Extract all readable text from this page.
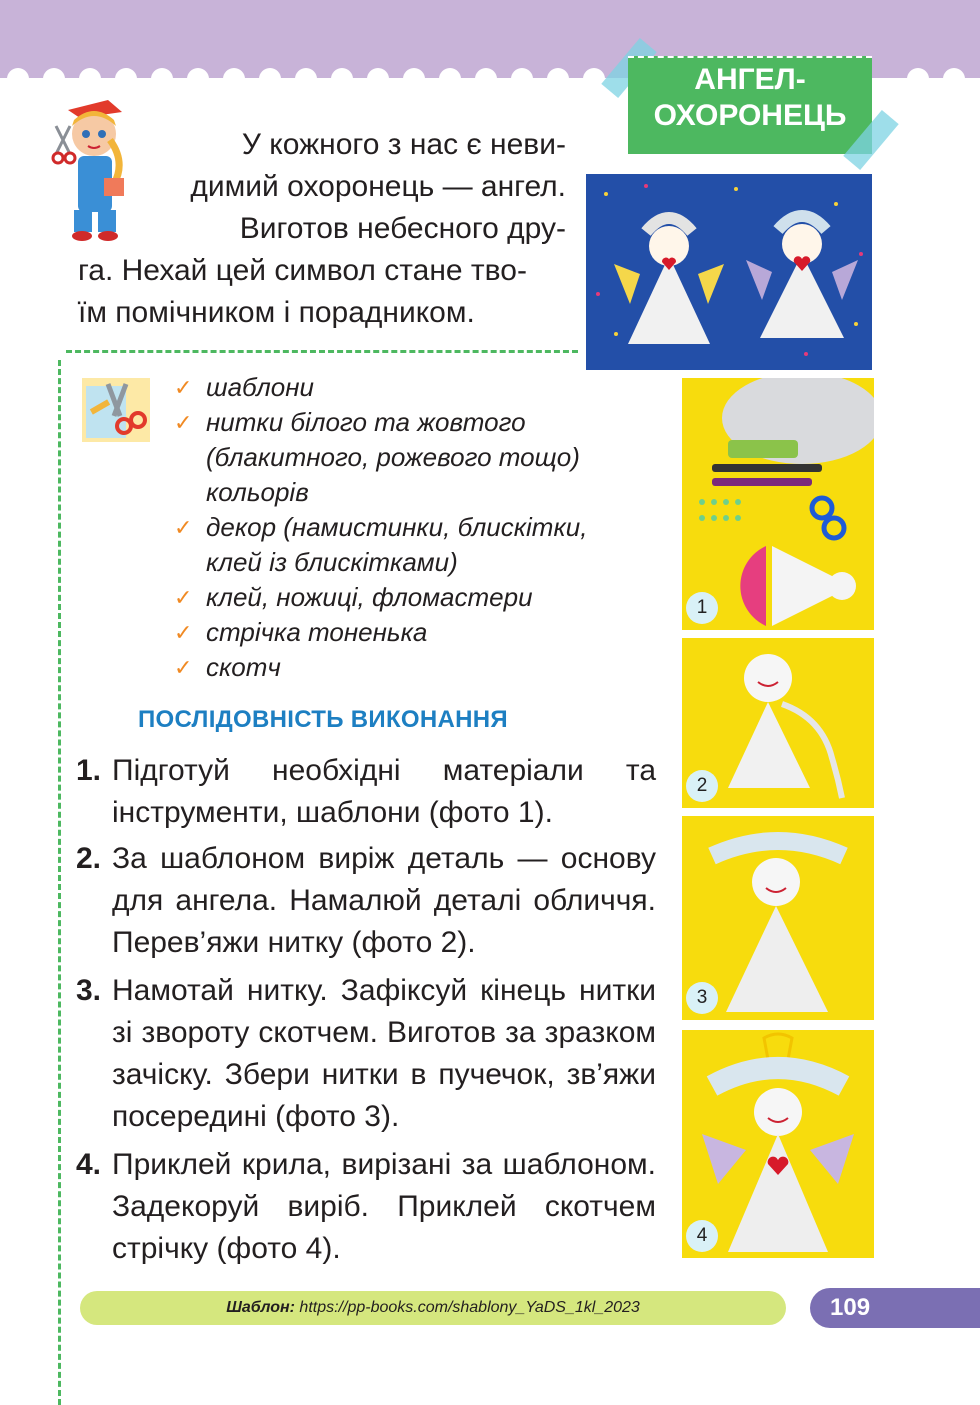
АНГЕЛ-
ОХОРОНЕЦЬ
У кожного з нас є неви-
димий охоронець — ангел.
Виготов небесного дру-
га. Нехай цей символ стане тво-
їм помічником і порадником.
✓ шаблони
✓ нитки білого та жовтого (блакитного, рожевого тощо) кольорів
✓ декор (намистинки, блискітки, клей із блискітками)
✓ клей, ножиці, фломастери
✓ стрічка тоненька
✓ скотч
ПОСЛІДОВНІСТЬ ВИКОНАННЯ
1. Підготуй необхідні матеріали та інструменти, шаблони (фото 1).
2. За шаблоном виріж деталь — основу для ангела. Намалюй деталі обличчя. Перев’яжи нитку (фото 2).
3. Намотай нитку. Зафіксуй кінець нитки зі звороту скотчем. Виготов за зразком зачіску. Збери нитки в пучечок, зв’яжи посередині (фото 3).
4. Приклей крила, вирізані за шаблоном. Задекоруй виріб. Приклей скотчем стрічку (фото 4).
1
2
3
4
Шаблон: https://pp-books.com/shablony_YaDS_1kl_2023	109
